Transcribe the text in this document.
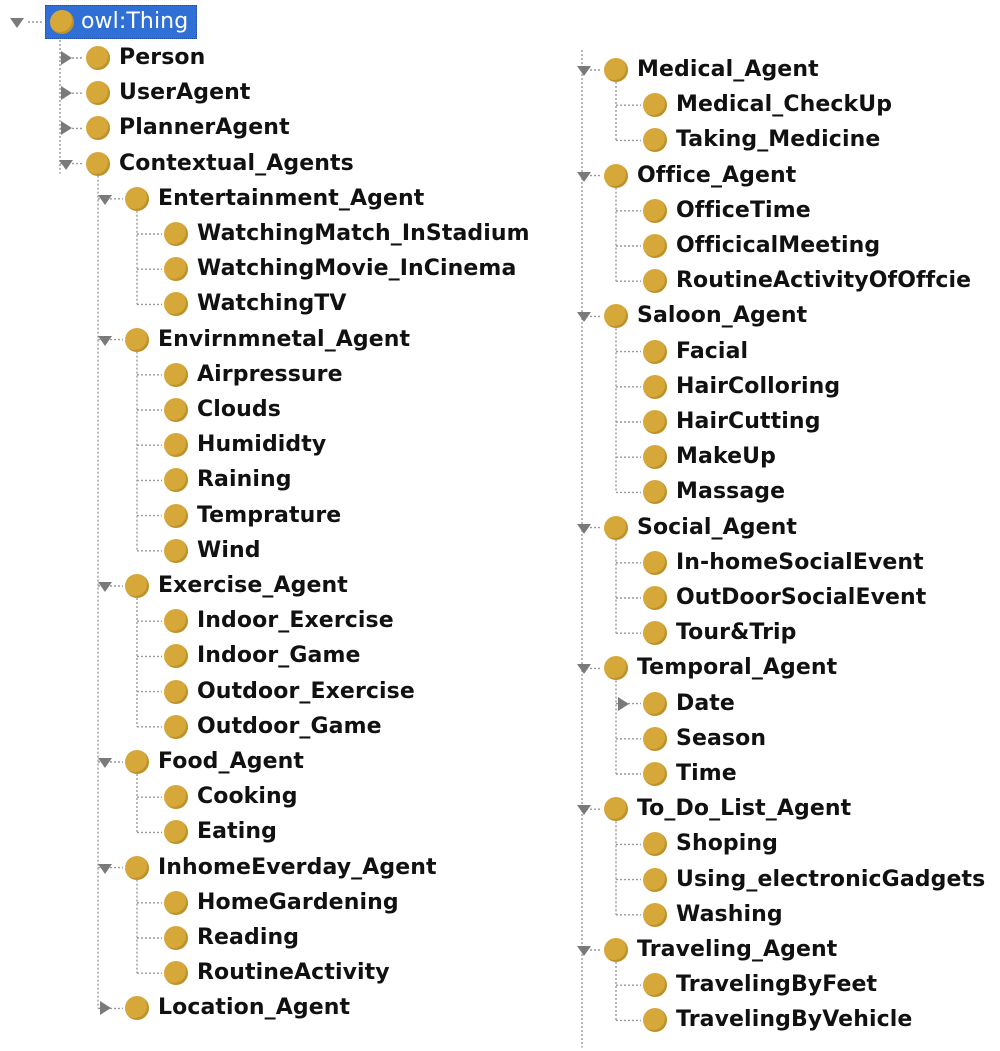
owl:Thing
Person
UserAgent
PlannerAgent
Contextual_Agents
Entertainment_Agent
WatchingMatch_InStadium
WatchingMovie_InCinema
WatchingTV
Envirnmnetal_Agent
Airpressure
Clouds
Humididty
Raining
Temprature
Wind
Exercise_Agent
Indoor_Exercise
Indoor_Game
Outdoor_Exercise
Outdoor_Game
Food_Agent
Cooking
Eating
InhomeEverday_Agent
HomeGardening
Reading
RoutineActivity
Location_Agent
Medical_Agent
Medical_CheckUp
Taking_Medicine
Office_Agent
OfficeTime
OfficicalMeeting
RoutineActivityOfOffcie
Saloon_Agent
Facial
HairColloring
HairCutting
MakeUp
Massage
Social_Agent
In-homeSocialEvent
OutDoorSocialEvent
Tour&Trip
Temporal_Agent
Date
Season
Time
To_Do_List_Agent
Shoping
Using_electronicGadgets
Washing
Traveling_Agent
TravelingByFeet
TravelingByVehicle
